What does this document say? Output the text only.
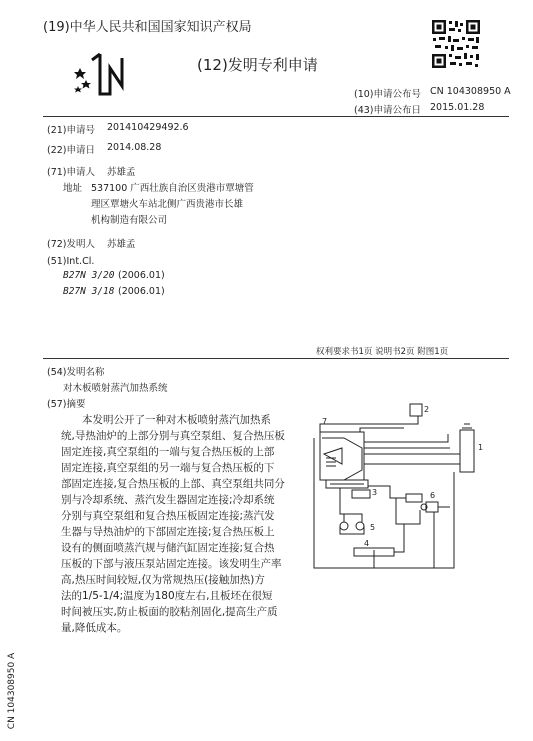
(19)中华人民共和国国家知识产权局
(12)发明专利申请
(10)申请公布号 CN 104308950 A
(43)申请公布日 2015.01.28
(21)申请号 201410429492.6
(22)申请日 2014.08.28
(71)申请人 苏雄孟
地址 537100 广西壮族自治区贵港市覃塘管
理区覃塘火车站北侧广西贵港市长雄
机构制造有限公司
(72)发明人 苏雄孟
(51)Int.Cl.
B27N 3/20 (2006.01)
B27N 3/18 (2006.01)
权利要求书1页 说明书2页 附图1页
(54)发明名称
对木板喷射蒸汽加热系统
(57)摘要
本发明公开了一种对木板喷射蒸汽加热系
统,导热油炉的上部分别与真空泵组、复合热压板
固定连接,真空泵组的一端与复合热压板的上部
固定连接,真空泵组的另一端与复合热压板的下
部固定连接,复合热压板的上部、真空泵组共同分
别与冷却系统、蒸汽发生器固定连接;冷却系统
分别与真空泵组和复合热压板固定连接;蒸汽发
生器与导热油炉的下部固定连接;复合热压板上
设有的侧面喷蒸汽规与储汽缸固定连接;复合热
压板的下部与液压泵站固定连接。该发明生产率
高,热压时间较短,仅为常规热压(接触加热)方
法的1/5-1/4;温度为180度左右,且板坯在很短
时间被压实,防止板面的胶粘剂固化,提高生产质
量,降低成本。
7
2
1
3	6
5
4
CN 104308950 A
